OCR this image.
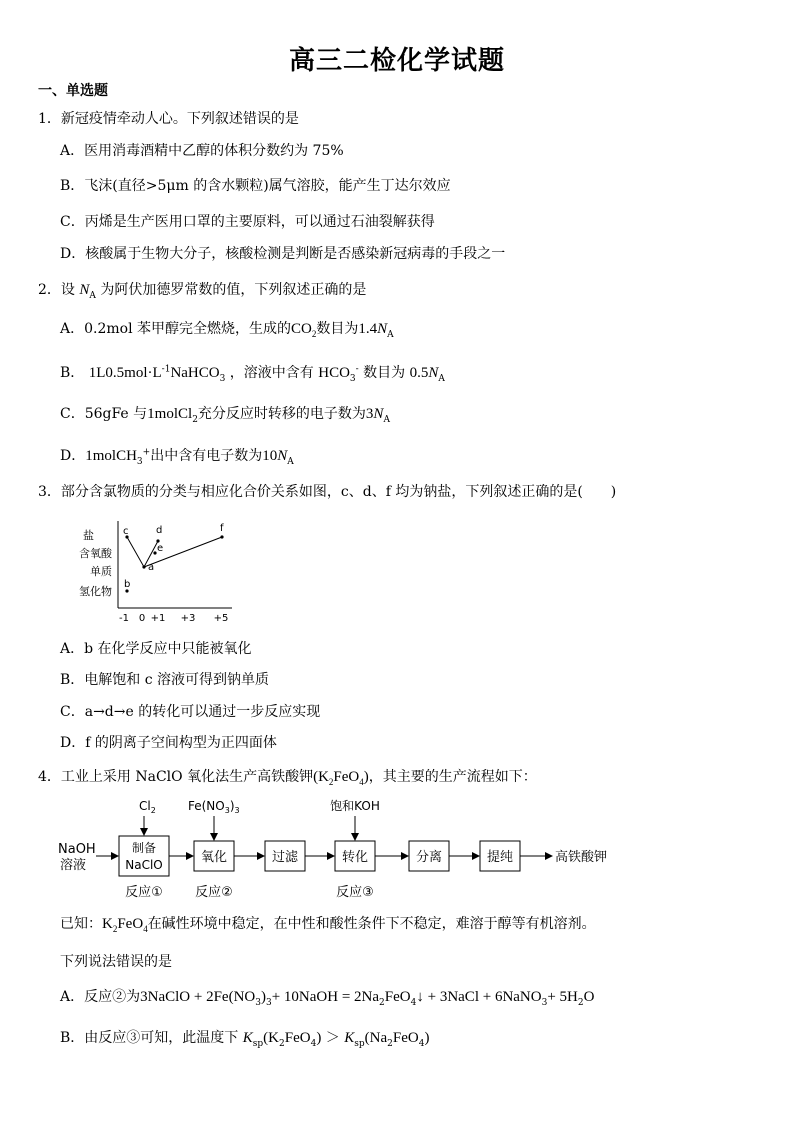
高三二检化学试题
一、单选题
1．新冠疫情牵动人心。下列叙述错误的是
A．医用消毒酒精中乙醇的体积分数约为 75%
B．飞沫(直径>5μm 的含水颗粒)属气溶胶，能产生丁达尔效应
C．丙烯是生产医用口罩的主要原料，可以通过石油裂解获得
D．核酸属于生物大分子，核酸检测是判断是否感染新冠病毒的手段之一
2．设 $N_A$ 为阿伏加德罗常数的值，下列叙述正确的是
A．0.2mol 苯甲醇完全燃烧，生成的$CO_2$数目为$1.4N_A$
B． $1L0.5mol\cdot L^{-1}NaHCO_3$ ，溶液中含有 $HCO_3^-$ 数目为 $0.5N_A$
C．56gFe 与1molCl$_2$充分反应时转移的电子数为$3N_A$
D．1molCH$_3$+出中含有电子数为$10N_A$
3．部分含氯物质的分类与相应化合价关系如图，c、d、f 均为钠盐，下列叙述正确的是(　　)
盐
含氧酸
单质
氢化物
-1 0 +1 +3 +5
a
b
c	d
e
f
A．b 在化学反应中只能被氧化
B．电解饱和 c 溶液可得到钠单质
C．a→d→e 的转化可以通过一步反应实现
D．f 的阴离子空间构型为正四面体
4．工业上采用 NaClO 氧化法生产高铁酸钾$(K_2FeO_4)$，其主要的生产流程如下：
NaOH
溶液
制备
NaClO
$Cl_2$
氧化
$Fe(NO_3)_3$
过滤	转化
饱和KOH
分离	提纯	高铁酸钾
反应① 反应②	反应③
已知：$K_2FeO_4$在碱性环境中稳定，在中性和酸性条件下不稳定，难溶于醇等有机溶剂。
下列说法错误的是
A．反应②为3NaClO + $2Fe(NO_3)_3+$ 10NaOH = $2Na_2FeO_4↓$ + 3NaCl + 6NaNO$_3$+ $5H_2O$
B．由反应③可知，此温度下 $K_{sp}(K_2FeO_4) > K_{sp}(Na_2FeO_4)$
